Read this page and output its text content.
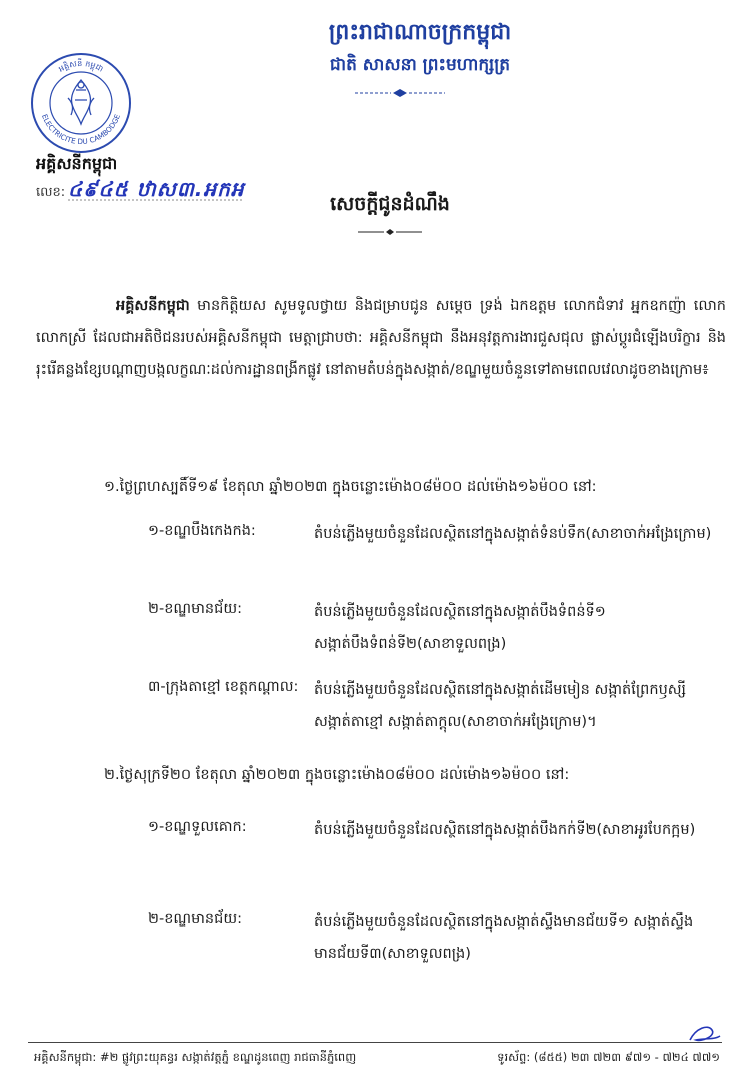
ព្រះរាជាណាចក្រកម្ពុជា
ជាតិ សាសនា ព្រះមហាក្សត្រ
អគ្គិសនី កម្ពុជា
ELECTRICITE DU CAMBODGE
អគ្គិសនីកម្ពុជា
លេខ: ៤៩៤៥ ឋាស៣.អកអ
សេចក្ដីជូនដំណឹង
អគ្គិសនីកម្ពុជា មានកិត្តិយស សូមទូលថ្វាយ និងជម្រាបជូន សម្ដេច ទ្រង់ ឯកឧត្តម លោកជំទាវ អ្នកឧកញ៉ា លោក លោកស្រី ដែលជាអតិថិជនរបស់អគ្គិសនីកម្ពុជា មេត្តាជ្រាបថា: អគ្គិសនីកម្ពុជា នឹងអនុវត្តការងារជួសជុល ផ្លាស់ប្ដូរជំឡើងបរិក្ខារ និងរុះរើគន្លងខ្សែបណ្ដាញបង្កលក្ខណៈដល់ការដ្ឋានពង្រីកផ្លូវ នៅតាមតំបន់ក្នុងសង្កាត់/ខណ្ឌមួយចំនួនទៅតាមពេលវេលាដូចខាងក្រោម៖
១.ថ្ងៃព្រហស្បតិ៍ទី១៩ ខែតុលា ឆ្នាំ២០២៣ ក្នុងចន្លោះម៉ោង០៨ម៉០០ ដល់ម៉ោង១៦ម៉០០ នៅ:
១-ខណ្ឌបឹងកេងកង:	តំបន់ភ្លើងមួយចំនួនដែលស្ថិតនៅក្នុងសង្កាត់ទំនប់ទឹក(សាខាចាក់អង្រែក្រោម)
២-ខណ្ឌមានជ័យ:	តំបន់ភ្លើងមួយចំនួនដែលស្ថិតនៅក្នុងសង្កាត់បឹងទំពន់ទី១ សង្កាត់បឹងទំពន់ទី២(សាខាទួលពង្រ)
៣-ក្រុងតាខ្មៅ ខេត្តកណ្ដាល: តំបន់ភ្លើងមួយចំនួនដែលស្ថិតនៅក្នុងសង្កាត់ដើមមៀន សង្កាត់ព្រែកឫស្សី សង្កាត់តាខ្មៅ សង្កាត់តាក្ដុល(សាខាចាក់អង្រែក្រោម)។
២.ថ្ងៃសុក្រទី២០ ខែតុលា ឆ្នាំ២០២៣ ក្នុងចន្លោះម៉ោង០៨ម៉០០ ដល់ម៉ោង១៦ម៉០០ នៅ:
១-ខណ្ឌទួលគោក:	តំបន់ភ្លើងមួយចំនួនដែលស្ថិតនៅក្នុងសង្កាត់បឹងកក់ទី២(សាខាអូរបែកក្អម)
២-ខណ្ឌមានជ័យ:	តំបន់ភ្លើងមួយចំនួនដែលស្ថិតនៅក្នុងសង្កាត់ស្ទឹងមានជ័យទី១ សង្កាត់ស្ទឹងមានជ័យទី៣(សាខាទួលពង្រ)
អគ្គិសនីកម្ពុជា: #២ ផ្លូវព្រះយុគន្ធរ សង្កាត់វត្តភ្នំ ខណ្ឌដូនពេញ រាជធានីភ្នំពេញ	ទូរស័ព្ទ: (៨៥៥) ២៣ ៧២៣ ៩៧១ - ៧២៤ ៧៧១
